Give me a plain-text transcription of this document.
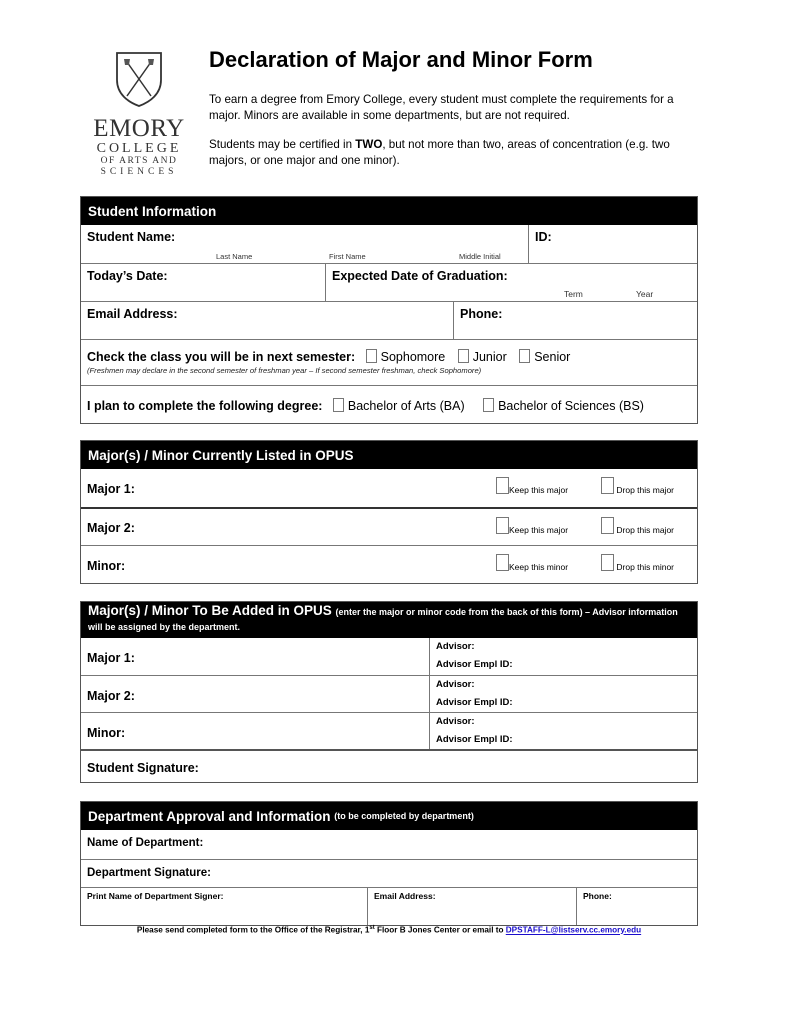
EMORY
COLLEGE
OF ARTS AND
SCIENCES
Declaration of Major and Minor Form

To earn a degree from Emory College, every student must complete the requirements for a major. Minors are available in some departments, but are not required.

Students may be certified in TWO, but not more than two, areas of concentration (e.g. two majors, or one major and one minor).

Student Information
Student Name:
Last Name	First Name	Middle Initial
ID:
Today’s Date:	Expected Date of Graduation:
Term	Year
Email Address:	Phone:
Check the class you will be in next semester: Sophomore Junior Senior
(Freshmen may declare in the second semester of freshman year – If second semester freshman, check Sophomore)
I plan to complete the following degree: Bachelor of Arts (BA)	Bachelor of Sciences (BS)
Major(s) / Minor Currently Listed in OPUS
Major 1:	Keep this major	Drop this major
Major 2:	Keep this major	Drop this major
Minor:	Keep this minor	Drop this minor
Major(s) / Minor To Be Added in OPUS (enter the major or minor code from the back of this form) – Advisor information will be assigned by the department.
Major 1:
Advisor:
Advisor Empl ID:
Major 2:
Advisor:
Advisor Empl ID:
Minor:
Advisor:
Advisor Empl ID:
Student Signature:
Department Approval and Information
(to be completed by department)
Name of Department:
Department Signature:
Print Name of Department Signer:	Email Address:	Phone:
Please send completed form to the Office of the Registrar, 1st Floor B Jones Center or email to DPSTAFF-L@listserv.cc.emory.edu
